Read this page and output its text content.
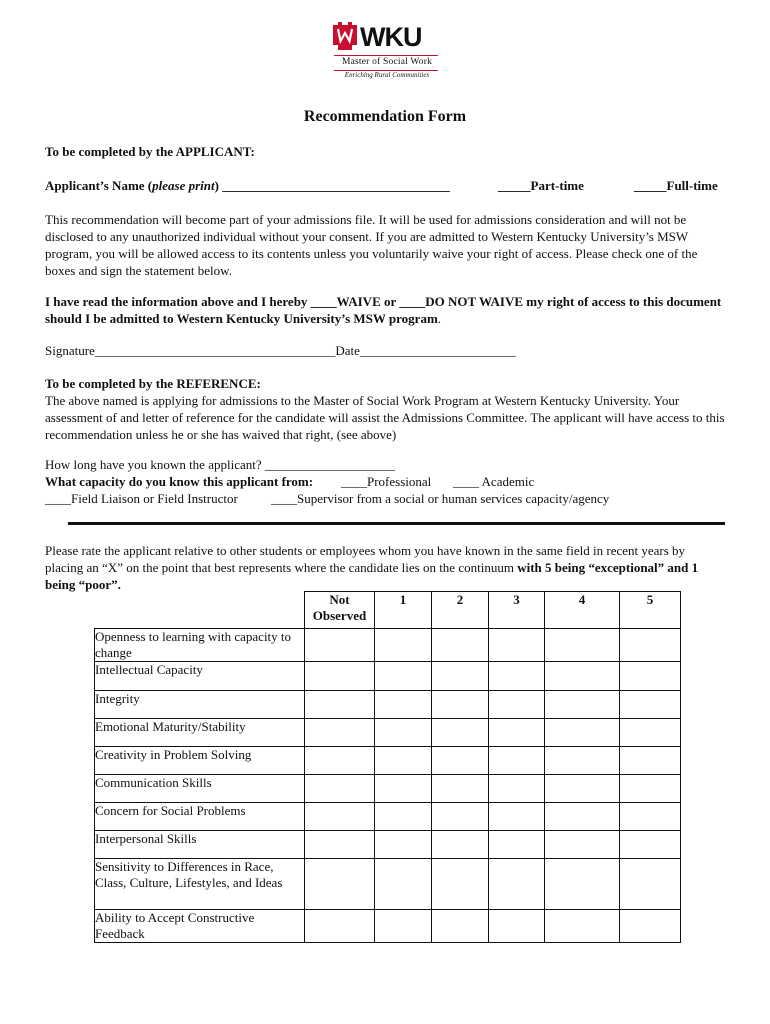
WKU
Master of Social Work
Enriching Rural Communities
Recommendation Form
To be completed by the APPLICANT:
Applicant’s Name (please print) ___________________________________	_____Part-time	_____Full-time
This recommendation will become part of your admissions file. It will be used for admissions consideration and will not be disclosed to any unauthorized individual without your consent. If you are admitted to Western Kentucky University’s MSW program, you will be allowed access to its contents unless you voluntarily waive your right of access. Please check one of the boxes and sign the statement below.
I have read the information above and I hereby ____WAIVE or ____DO NOT WAIVE my right of access to this document should I be admitted to Western Kentucky University’s MSW program.
Signature_____________________________________Date________________________
To be completed by the REFERENCE:
The above named is applying for admissions to the Master of Social Work Program at Western Kentucky University. Your assessment of and letter of reference for the candidate will assist the Admissions Committee. The applicant will have access to this recommendation unless he or she has waived that right, (see above)
How long have you known the applicant? ____________________
What capacity do you know this applicant from: ____Professional ____ Academic
____Field Liaison or Field Instructor	____Supervisor from a social or human services capacity/agency
Please rate the applicant relative to other students or employees whom you have known in the same field in recent years by placing an “X” on the point that best represents where the candidate lies on the continuum with 5 being “exceptional” and 1 being “poor”.
	Not
Observed	1	2	3	4	5
Openness to learning with capacity to change						
Intellectual Capacity						
Integrity						
Emotional Maturity/Stability						
Creativity in Problem Solving						
Communication Skills						
Concern for Social Problems						
Interpersonal Skills						
Sensitivity to Differences in Race, Class, Culture, Lifestyles, and Ideas						
Ability to Accept Constructive Feedback						
